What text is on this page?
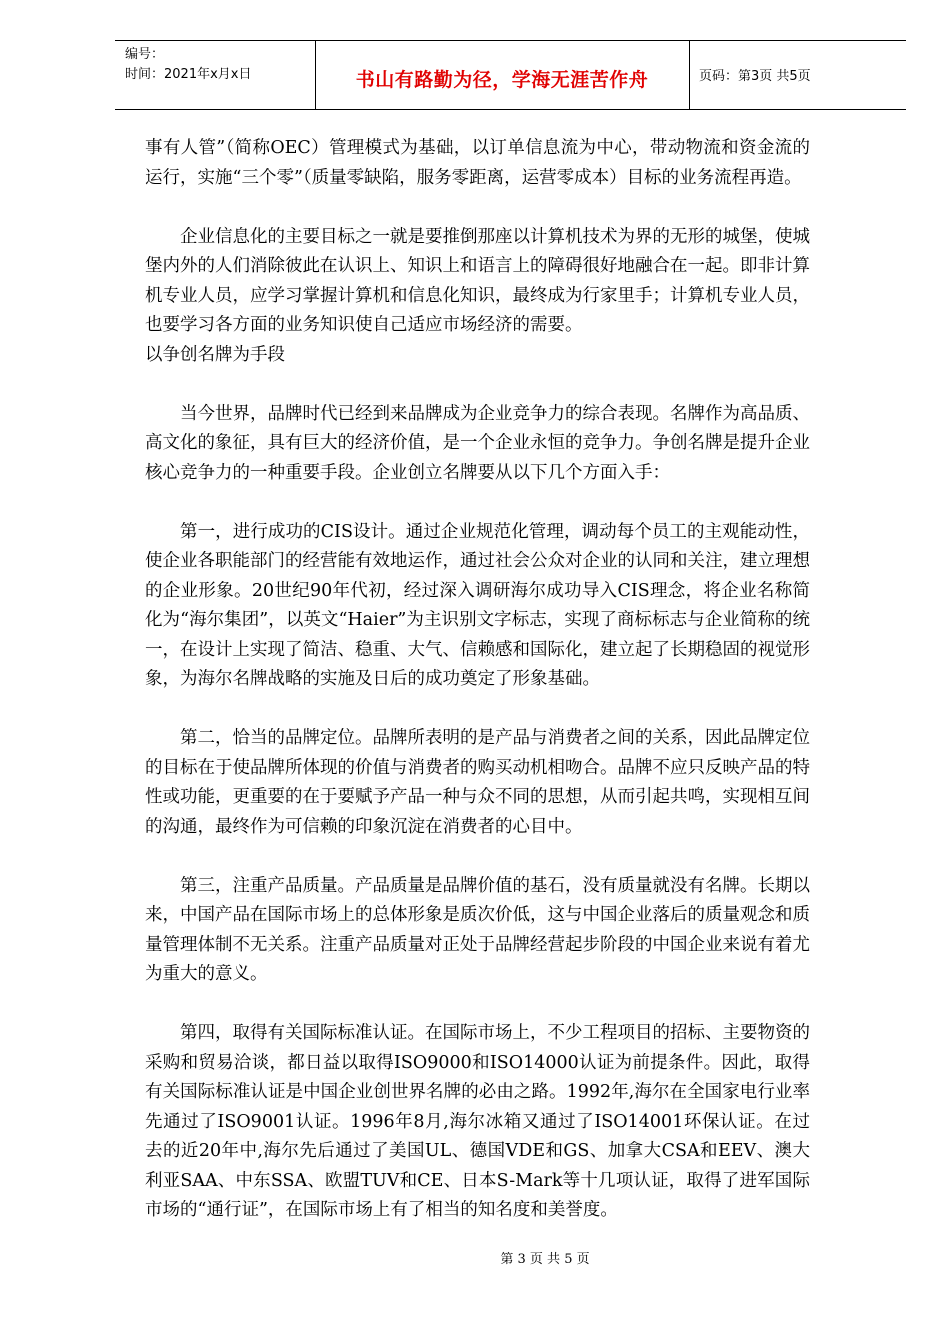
编号：
时间：2021年x月x日	书山有路勤为径，学海无涯苦作舟	页码：第3页 共5页

事有人管”（简称OEC）管理模式为基础，以订单信息流为中心，带动物流和资金流的运行，实施“三个零”（质量零缺陷，服务零距离，运营零成本）目标的业务流程再造。

企业信息化的主要目标之一就是要推倒那座以计算机技术为界的无形的城堡，使城堡内外的人们消除彼此在认识上、知识上和语言上的障碍很好地融合在一起。即非计算机专业人员，应学习掌握计算机和信息化知识，最终成为行家里手；计算机专业人员，也要学习各方面的业务知识使自己适应市场经济的需要。

以争创名牌为手段

当今世界，品牌时代已经到来品牌成为企业竞争力的综合表现。名牌作为高品质、高文化的象征，具有巨大的经济价值，是一个企业永恒的竞争力。争创名牌是提升企业核心竞争力的一种重要手段。企业创立名牌要从以下几个方面入手：

第一，进行成功的CIS设计。通过企业规范化管理，调动每个员工的主观能动性，使企业各职能部门的经营能有效地运作，通过社会公众对企业的认同和关注，建立理想的企业形象。20世纪90年代初，经过深入调研海尔成功导入CIS理念，将企业名称简化为“海尔集团”，以英文“Haier”为主识别文字标志，实现了商标标志与企业简称的统一，在设计上实现了简洁、稳重、大气、信赖感和国际化，建立起了长期稳固的视觉形象，为海尔名牌战略的实施及日后的成功奠定了形象基础。

第二，恰当的品牌定位。品牌所表明的是产品与消费者之间的关系，因此品牌定位的目标在于使品牌所体现的价值与消费者的购买动机相吻合。品牌不应只反映产品的特性或功能，更重要的在于要赋予产品一种与众不同的思想，从而引起共鸣，实现相互间的沟通，最终作为可信赖的印象沉淀在消费者的心目中。

第三，注重产品质量。产品质量是品牌价值的基石，没有质量就没有名牌。长期以来，中国产品在国际市场上的总体形象是质次价低，这与中国企业落后的质量观念和质量管理体制不无关系。注重产品质量对正处于品牌经营起步阶段的中国企业来说有着尤为重大的意义。

第四，取得有关国际标准认证。在国际市场上，不少工程项目的招标、主要物资的采购和贸易洽谈，都日益以取得ISO9000和ISO14000认证为前提条件。因此，取得有关国际标准认证是中国企业创世界名牌的必由之路。1992年,海尔在全国家电行业率先通过了ISO9001认证。1996年8月,海尔冰箱又通过了ISO14001环保认证。在过去的近20年中,海尔先后通过了美国UL、德国VDE和GS、加拿大CSA和EEV、澳大利亚SAA、中东SSA、欧盟TUV和CE、日本S-Mark等十几项认证，取得了进军国际市场的“通行证”，在国际市场上有了相当的知名度和美誉度。

第 3 页 共 5 页
